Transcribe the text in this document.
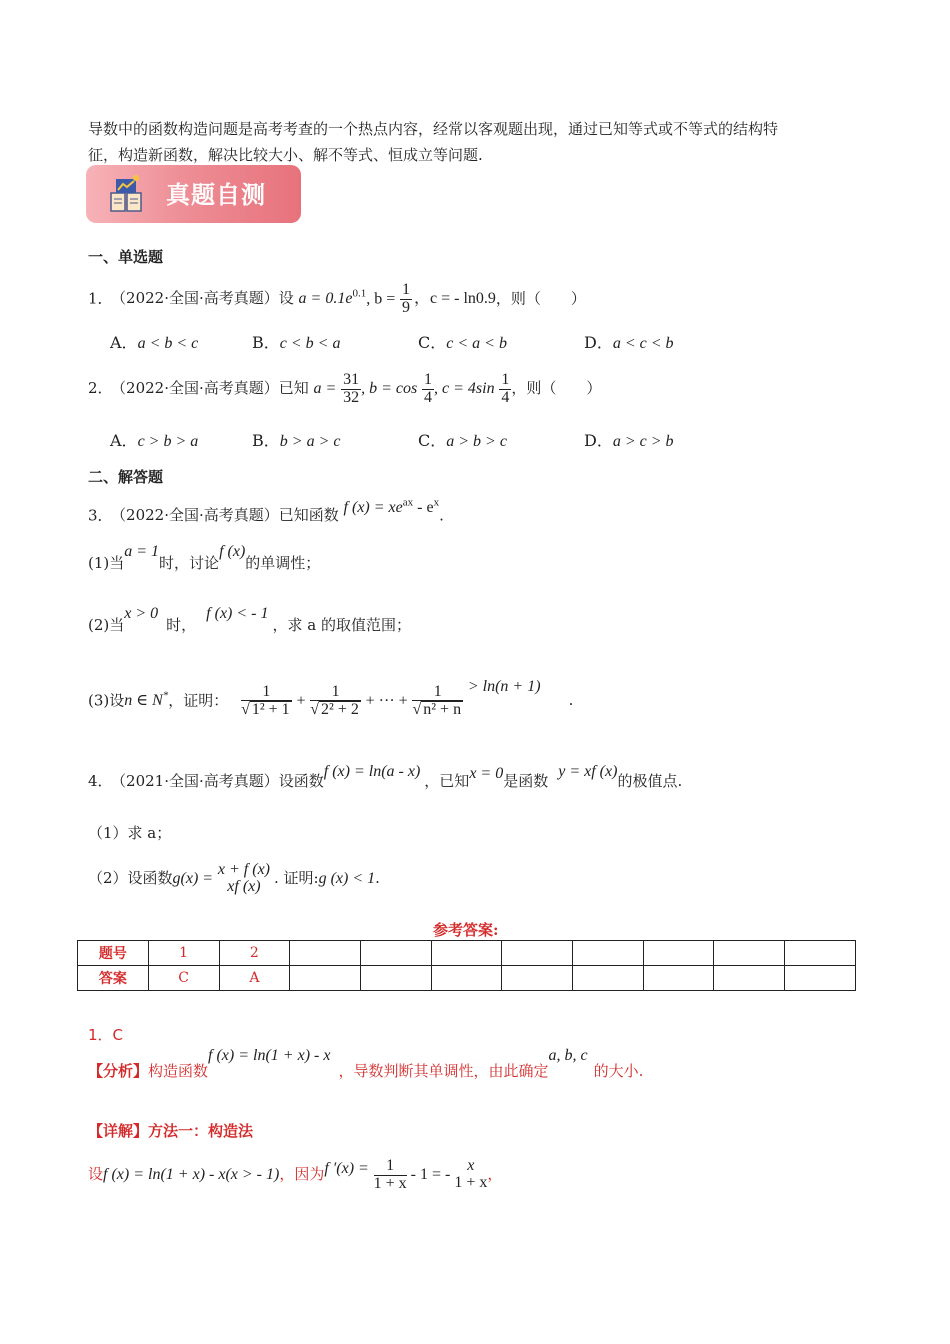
导数中的函数构造问题是高考考查的一个热点内容，经常以客观题出现，通过已知等式或不等式的结构特
征，构造新函数，解决比较大小、解不等式、恒成立等问题.
真题自测
一、单选题
1． （2022·全国·高考真题）设 $a = 0.1e^{0.1}$, $b = \frac{1}{9}$ ，c = - ln0.9，则（　　）
A．a < b < c	B．c < b < a	C．c < a < b	D．a < c < b
2． （2022·全国·高考真题）已知 $a = \frac{31}{32}$ , $b = \cos \frac{1}{4}$ , $c = 4\sin \frac{1}{4}$ ，则（　　）
A．c > b > a	B．b > a > c	C．a > b > c	D．a > c > b
二、解答题
3． （2022·全国·高考真题）已知函数 f $(x) = xe^{ax} - e^x$.
(1)当a = 1时，讨论f (x)的单调性；
(2)当x > 0时，f (x) < - 1，求 a 的取值范围；
(3)设n ∈ N*，证明： $\frac{1}{\text{√ 1² + 1}} + \frac{1}{\text{√ 2² + 2}}$ + ··· + $\frac{1}{\text{√ n² + n}} > \ln(n + 1)$.
4． （2021·全国·高考真题）设函数f (x) = ln(a - x)，已知x = 0是函数y = xf (x)的极值点.
（1）求 a；
（2）设函数g(x) =
x + f (x)
xf (x) . 证明:g (x) < 1.
参考答案:
题号	1	2								
答案	C	A								
1．C
【分析】构造函数f (x) = ln(1 + x) - x，导数判断其单调性，由此确定a, b, c的大小.
【详解】方法一：构造法
设f (x) = ln(1 + x) - x(x > - 1)，因为f $'(x) = \frac{1}{1 + x} - 1$ = -
x
1 + x ，
